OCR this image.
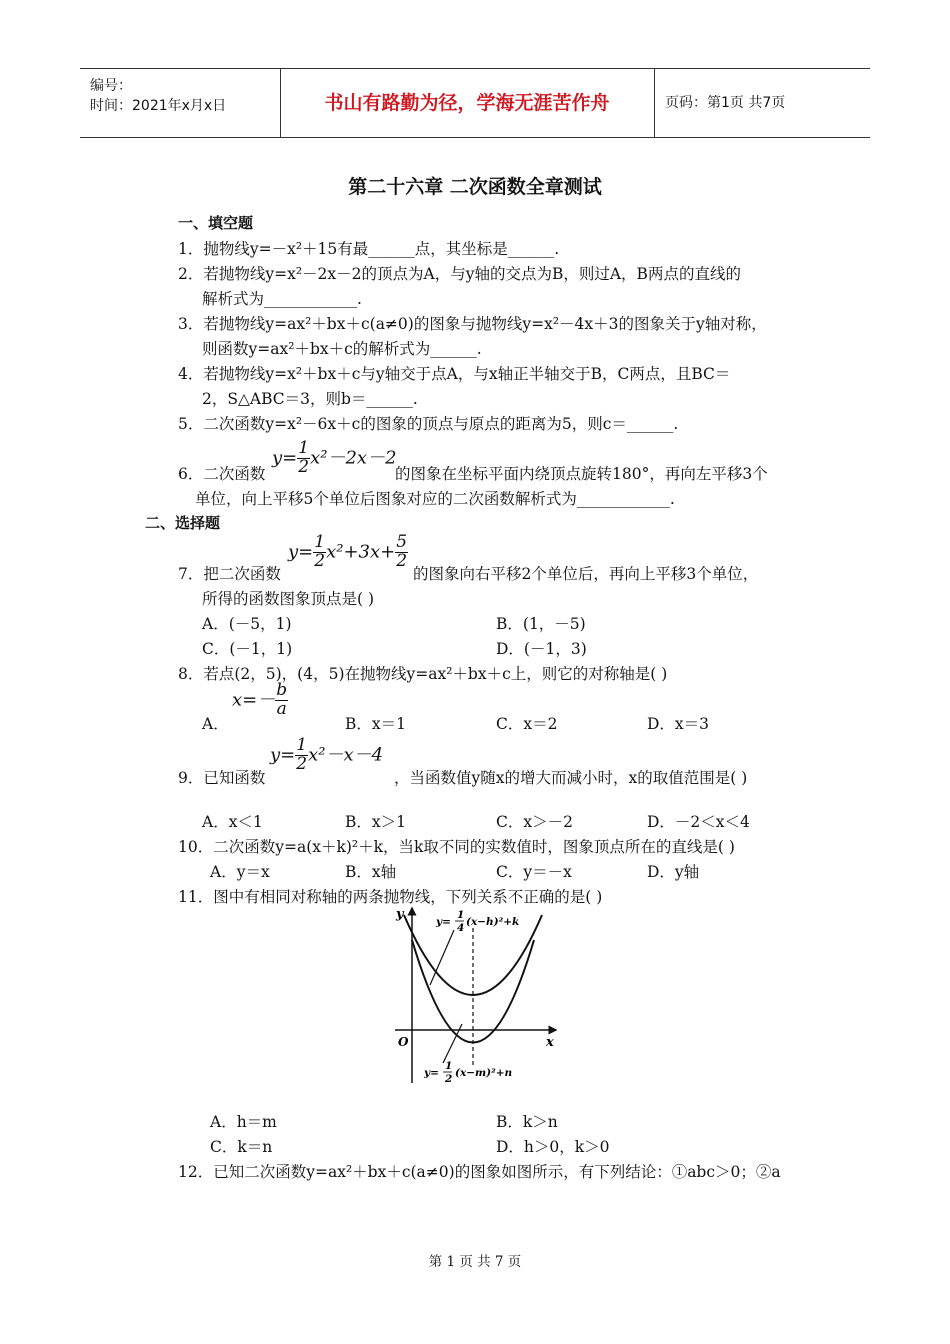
编号：
时间：2021年x月x日	书山有路勤为径，学海无涯苦作舟	页码：第1页 共7页
第二十六章 二次函数全章测试
一、填空题
1．抛物线y=－x²＋15有最______点，其坐标是______.
2．若抛物线y=x²－2x－2的顶点为A，与y轴的交点为B，则过A，B两点的直线的
解析式为____________.
3．若抛物线y=ax²＋bx＋c(a≠0)的图象与抛物线y=x²－4x＋3的图象关于y轴对称，
则函数y=ax²＋bx＋c的解析式为______.
4．若抛物线y=x²＋bx＋c与y轴交于点A，与x轴正半轴交于B，C两点，且BC＝
2，S△ABC＝3，则b＝______.
5．二次函数y=x²－6x＋c的图象的顶点与原点的距离为5，则c＝______.
$y= \frac{1}{2} x^2-2x-2$
6．二次函数	的图象在坐标平面内绕顶点旋转180°，再向左平移3个
单位，向上平移5个单位后图象对应的二次函数解析式为____________.
二、选择题
$y= \frac{1}{2} x^2+3x+ \frac{5}{2}$
7．把二次函数	的图象向右平移2个单位后，再向上平移3个单位，
所得的函数图象顶点是( )
A．(－5，1)	B．(1，－5)
C．(－1，1)	D．(－1，3)
8．若点(2，5)，(4，5)在抛物线y=ax²＋bx＋c上，则它的对称轴是( )
$x=- \frac{b}{a}$
A．	B．x＝1	C．x＝2	D．x＝3
$y= \frac{1}{2} x^2-x-4$
9．已知函数	，当函数值y随x的增大而减小时，x的取值范围是( )
A．x＜1	B．x＞1	C．x＞－2	D．－2＜x＜4
10．二次函数y=a(x＋k)²＋k，当k取不同的实数值时，图象顶点所在的直线是( )
A．y＝x	B．x轴	C．y＝－x	D．y轴
11．图中有相同对称轴的两条抛物线，下列关系不正确的是( )
y
x
O
y=
1
4 (x−h)²+k
y=
1
2 (x−m)²+n
A．h＝m	B．k＞n
C．k＝n	D．h＞0，k＞0
12．已知二次函数y=ax²＋bx＋c(a≠0)的图象如图所示，有下列结论：①abc＞0；②a
第 1 页 共 7 页
